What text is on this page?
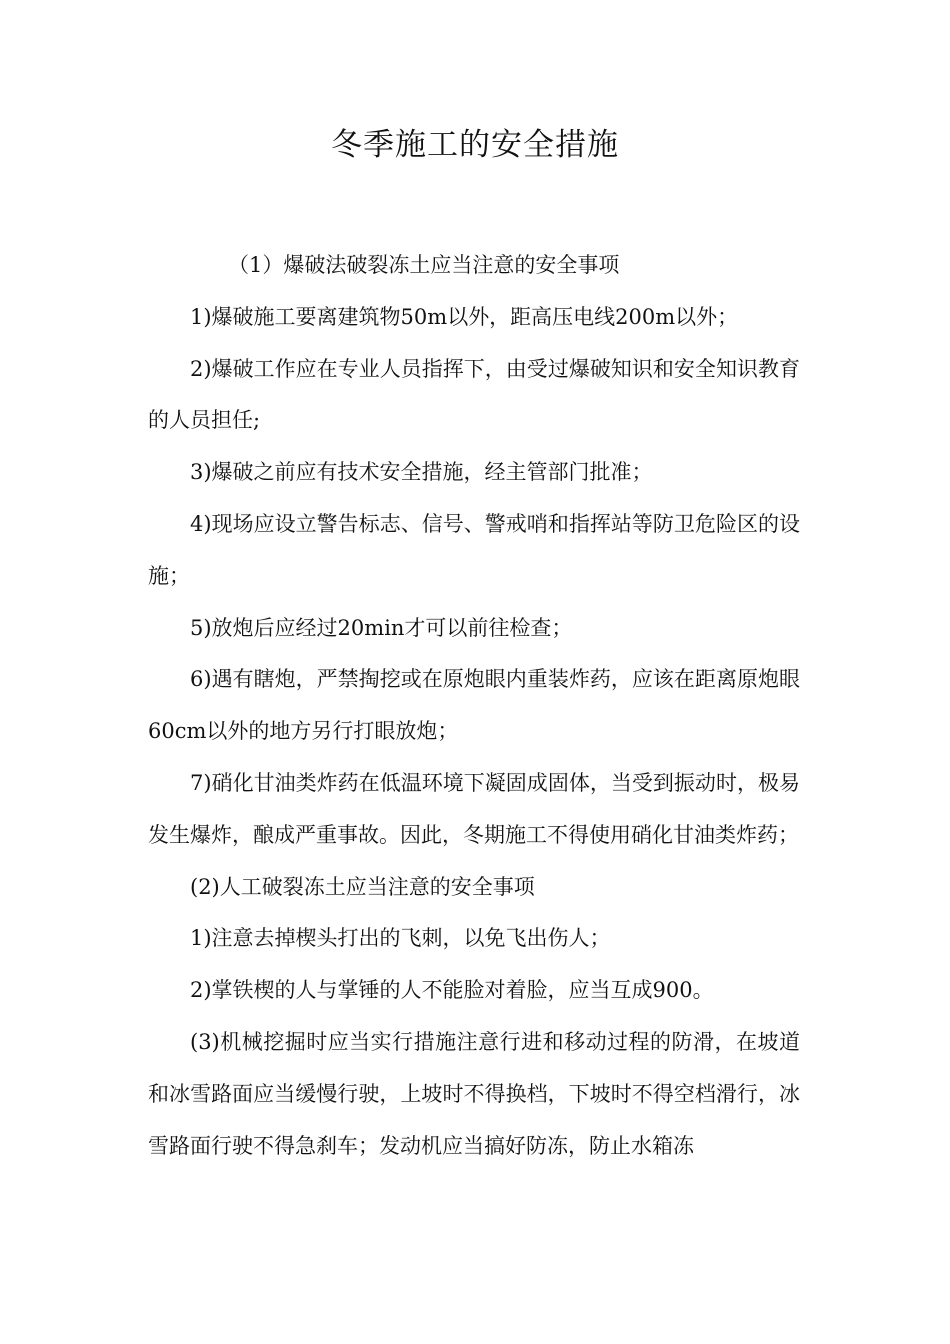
冬季施工的安全措施

（1）爆破法破裂冻土应当注意的安全事项

1)爆破施工要离建筑物50m以外，距高压电线200m以外；

2)爆破工作应在专业人员指挥下，由受过爆破知识和安全知识教育的人员担任;

3)爆破之前应有技术安全措施，经主管部门批准；

4)现场应设立警告标志、信号、警戒哨和指挥站等防卫危险区的设施；

5)放炮后应经过20min才可以前往检查；

6)遇有瞎炮，严禁掏挖或在原炮眼内重装炸药，应该在距离原炮眼60cm以外的地方另行打眼放炮；

7)硝化甘油类炸药在低温环境下凝固成固体，当受到振动时，极易发生爆炸，酿成严重事故。因此，冬期施工不得使用硝化甘油类炸药；

(2)人工破裂冻土应当注意的安全事项

1)注意去掉楔头打出的飞刺，以免飞出伤人；

2)掌铁楔的人与掌锤的人不能脸对着脸，应当互成900。

(3)机械挖掘时应当实行措施注意行进和移动过程的防滑，在坡道和冰雪路面应当缓慢行驶，上坡时不得换档，下坡时不得空档滑行，冰雪路面行驶不得急刹车；发动机应当搞好防冻，防止水箱冻
